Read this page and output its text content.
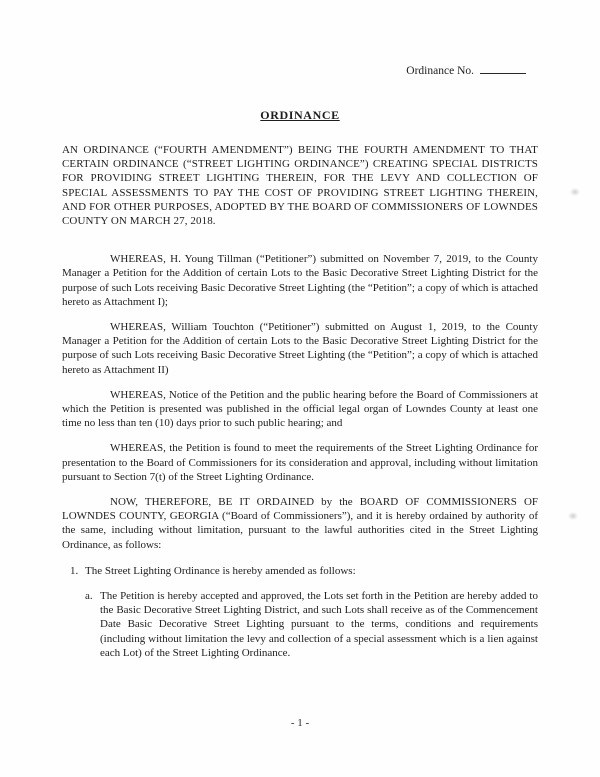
Ordinance No.
ORDINANCE

AN ORDINANCE (“FOURTH AMENDMENT”) BEING THE FOURTH AMENDMENT TO THAT CERTAIN ORDINANCE (“STREET LIGHTING ORDINANCE”) CREATING SPECIAL DISTRICTS FOR PROVIDING STREET LIGHTING THEREIN, FOR THE LEVY AND COLLECTION OF SPECIAL ASSESSMENTS TO PAY THE COST OF PROVIDING STREET LIGHTING THEREIN, AND FOR OTHER PURPOSES, ADOPTED BY THE BOARD OF COMMISSIONERS OF LOWNDES COUNTY ON MARCH 27, 2018.

WHEREAS, H. Young Tillman (“Petitioner”) submitted on November 7, 2019, to the County Manager a Petition for the Addition of certain Lots to the Basic Decorative Street Lighting District for the purpose of such Lots receiving Basic Decorative Street Lighting (the “Petition”; a copy of which is attached hereto as Attachment I);

WHEREAS, William Touchton (“Petitioner”) submitted on August 1, 2019, to the County Manager a Petition for the Addition of certain Lots to the Basic Decorative Street Lighting District for the purpose of such Lots receiving Basic Decorative Street Lighting (the “Petition”; a copy of which is attached hereto as Attachment II)

WHEREAS, Notice of the Petition and the public hearing before the Board of Commissioners at which the Petition is presented was published in the official legal organ of Lowndes County at least one time no less than ten (10) days prior to such public hearing; and

WHEREAS, the Petition is found to meet the requirements of the Street Lighting Ordinance for presentation to the Board of Commissioners for its consideration and approval, including without limitation pursuant to Section 7(t) of the Street Lighting Ordinance.

NOW, THEREFORE, BE IT ORDAINED by the BOARD OF COMMISSIONERS OF LOWNDES COUNTY, GEORGIA (“Board of Commissioners”), and it is hereby ordained by authority of the same, including without limitation, pursuant to the lawful authorities cited in the Street Lighting Ordinance, as follows:

1. The Street Lighting Ordinance is hereby amended as follows:
a. The Petition is hereby accepted and approved, the Lots set forth in the Petition are hereby added to the Basic Decorative Street Lighting District, and such Lots shall receive as of the Commencement Date Basic Decorative Street Lighting pursuant to the terms, conditions and requirements (including without limitation the levy and collection of a special assessment which is a lien against each Lot) of the Street Lighting Ordinance.
- 1 -
